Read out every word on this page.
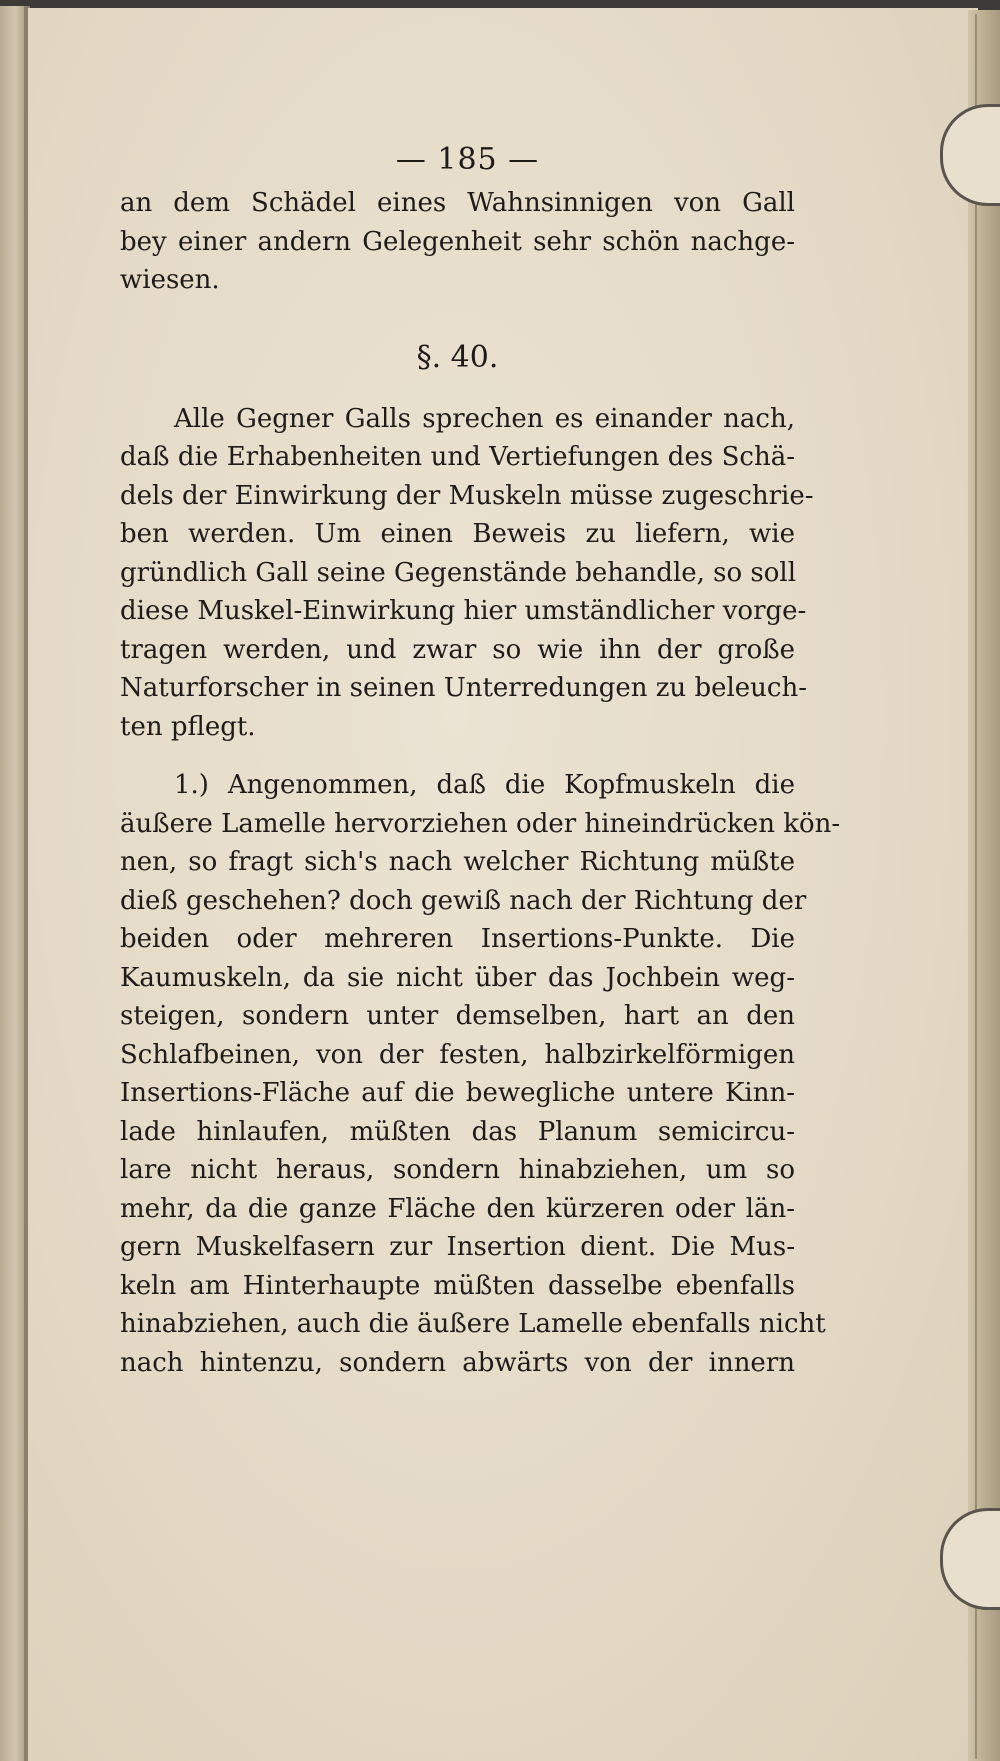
— 185 —
an dem Schädel eines Wahnsinnigen von Gall
bey einer andern Gelegenheit sehr schön nachge-
wiesen.
§. 40.
Alle Gegner Galls sprechen es einander nach,
daß die Erhabenheiten und Vertiefungen des Schä-
dels der Einwirkung der Muskeln müsse zugeschrie-
ben werden. Um einen Beweis zu liefern, wie
gründlich Gall seine Gegenstände behandle, so soll
diese Muskel-Einwirkung hier umständlicher vorge-
tragen werden, und zwar so wie ihn der große
Naturforscher in seinen Unterredungen zu beleuch-
ten pflegt.
1.) Angenommen, daß die Kopfmuskeln die
äußere Lamelle hervorziehen oder hineindrücken kön-
nen, so fragt sich's nach welcher Richtung müßte
dieß geschehen? doch gewiß nach der Richtung der
beiden oder mehreren Insertions-Punkte. Die
Kaumuskeln, da sie nicht über das Jochbein weg-
steigen, sondern unter demselben, hart an den
Schlafbeinen, von der festen, halbzirkelförmigen
Insertions-Fläche auf die bewegliche untere Kinn-
lade hinlaufen, müßten das Planum semicircu-
lare nicht heraus, sondern hinabziehen, um so
mehr, da die ganze Fläche den kürzeren oder län-
gern Muskelfasern zur Insertion dient. Die Mus-
keln am Hinterhaupte müßten dasselbe ebenfalls
hinabziehen, auch die äußere Lamelle ebenfalls nicht
nach hintenzu, sondern abwärts von der innern
